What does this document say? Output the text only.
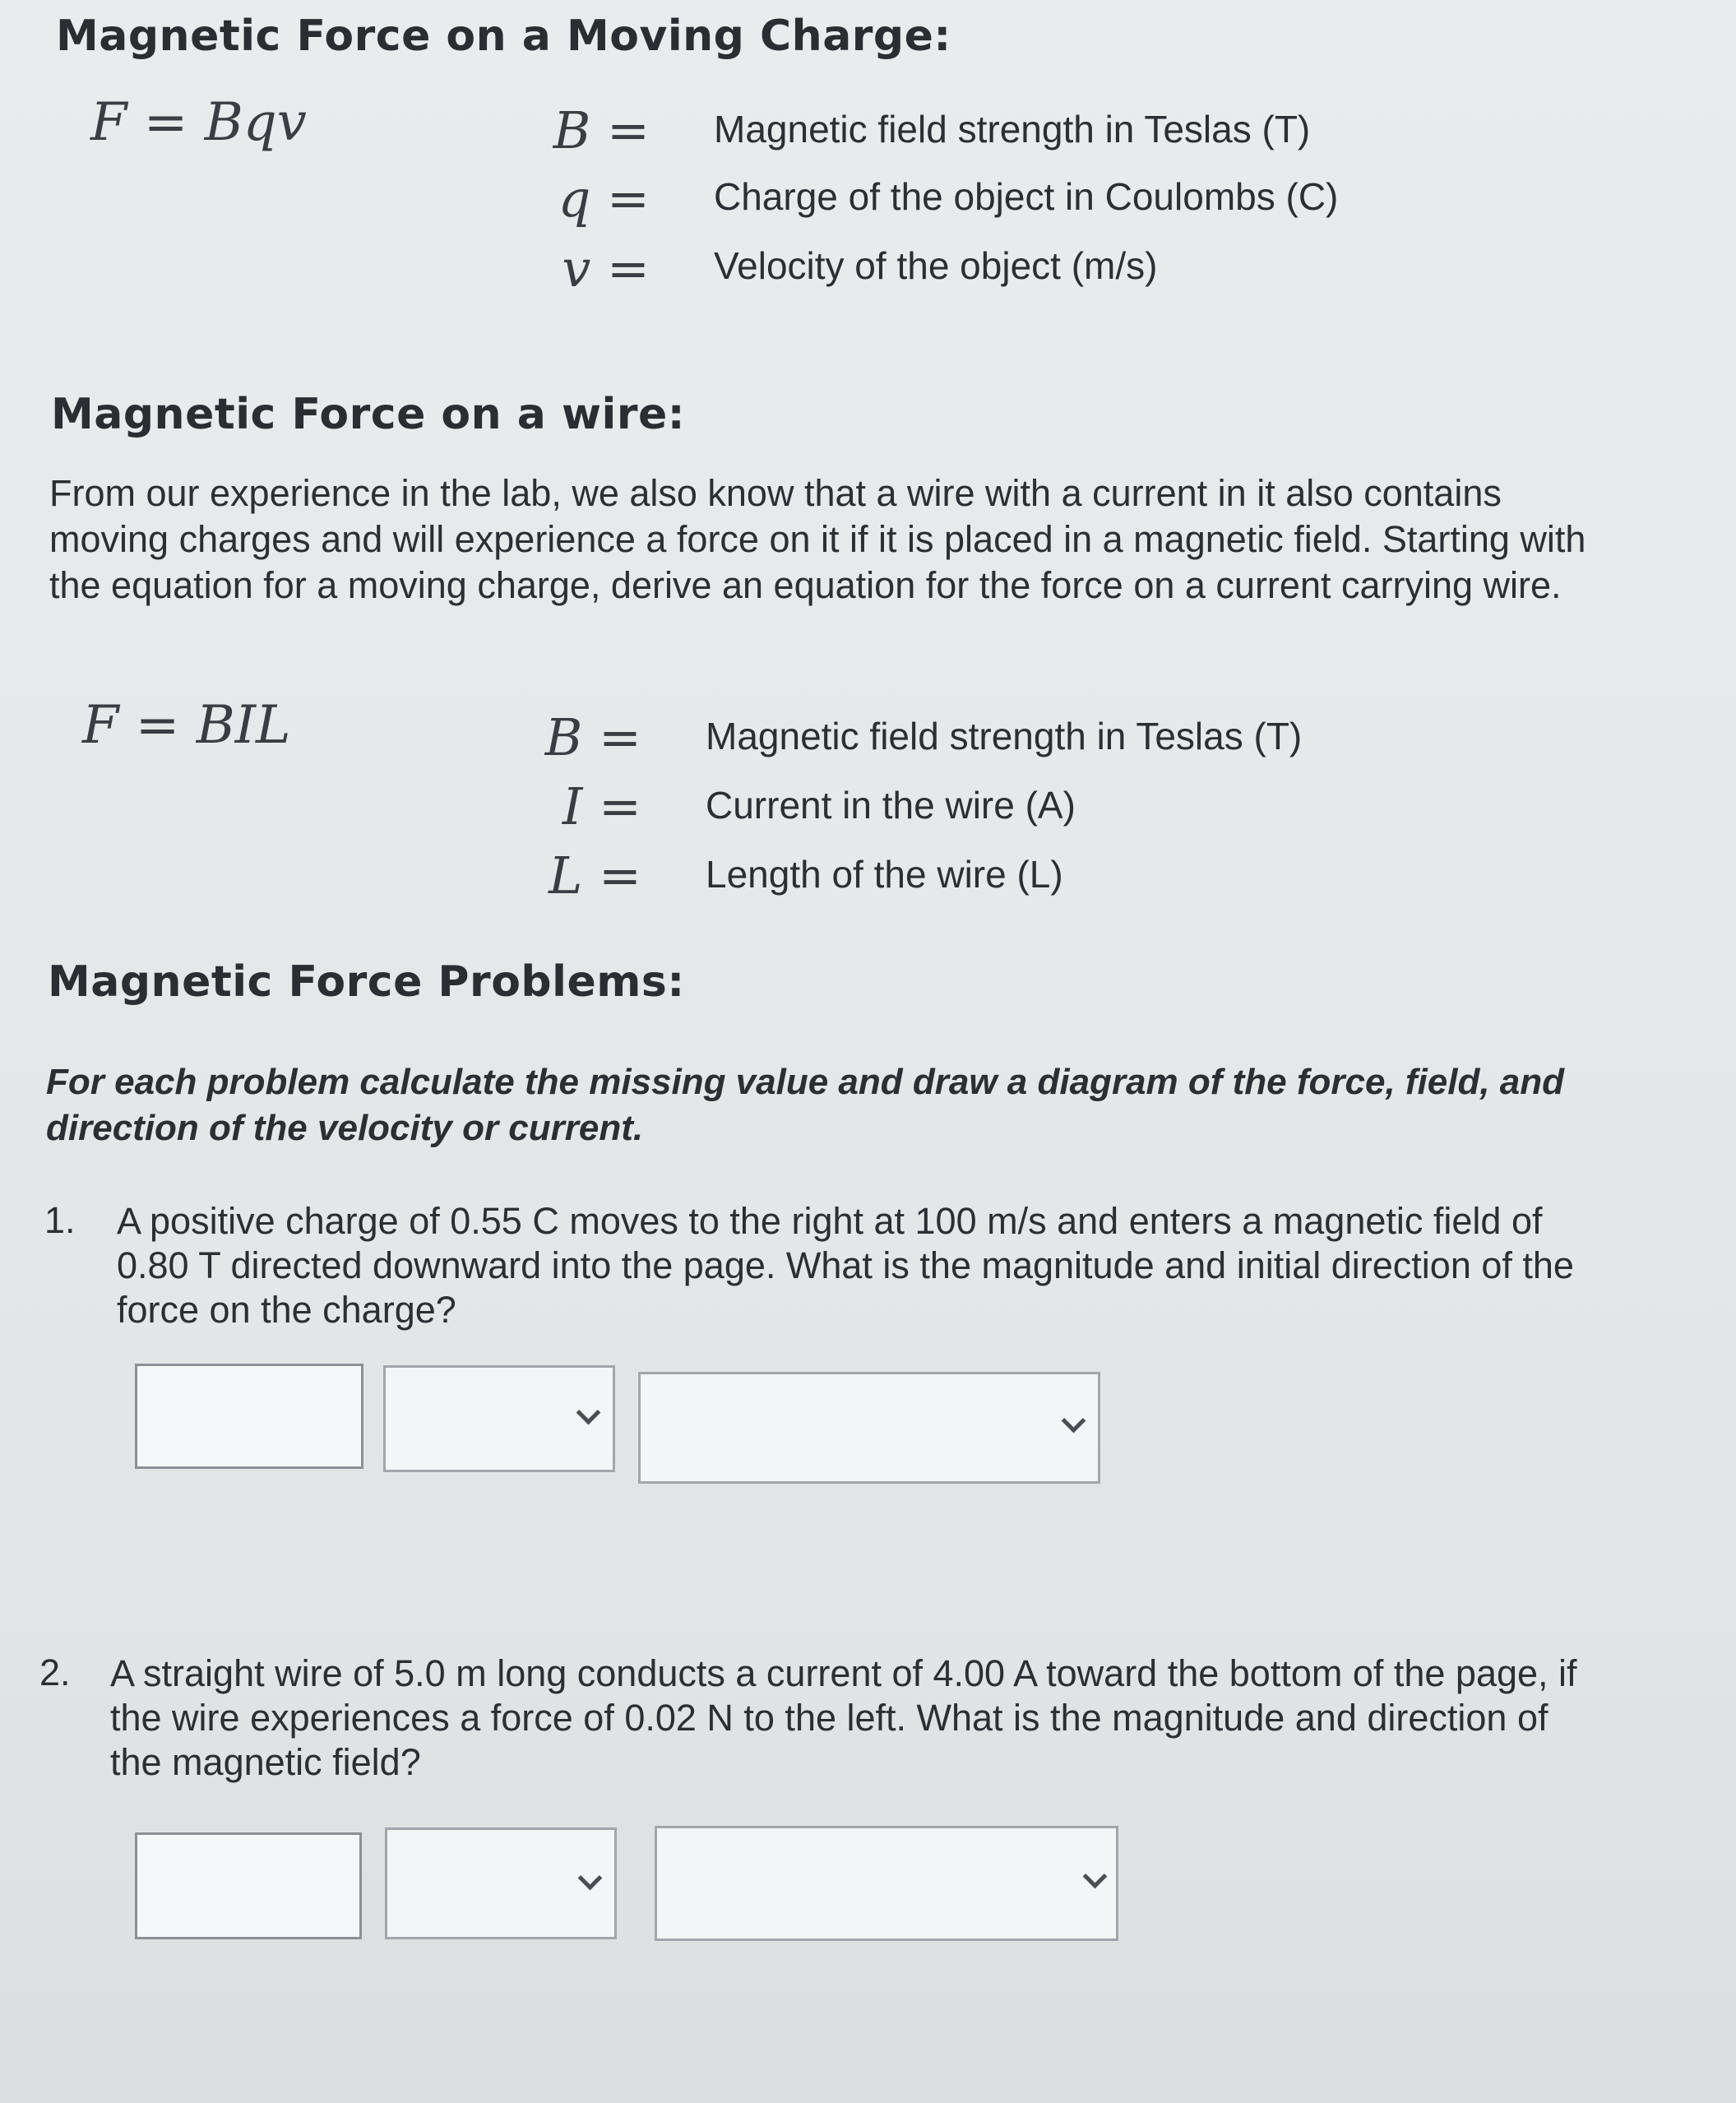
Magnetic Force on a Moving Charge:
F = Bqv	B = Magnetic field strength in Teslas (T)
q = Charge of the object in Coulombs (C)
v = Velocity of the object (m/s)
Magnetic Force on a wire:
From our experience in the lab, we also know that a wire with a current in it also contains
moving charges and will experience a force on it if it is placed in a magnetic field. Starting with
the equation for a moving charge, derive an equation for the force on a current carrying wire.
F = BIL	B = Magnetic field strength in Teslas (T)
I = Current in the wire (A)
L = Length of the wire (L)
Magnetic Force Problems:
For each problem calculate the missing value and draw a diagram of the force, field, and
direction of the velocity or current.
1. A positive charge of 0.55 C moves to the right at 100 m/s and enters a magnetic field of
0.80 T directed downward into the page. What is the magnitude and initial direction of the
force on the charge?
2. A straight wire of 5.0 m long conducts a current of 4.00 A toward the bottom of the page, if
the wire experiences a force of 0.02 N to the left. What is the magnitude and direction of
the magnetic field?
